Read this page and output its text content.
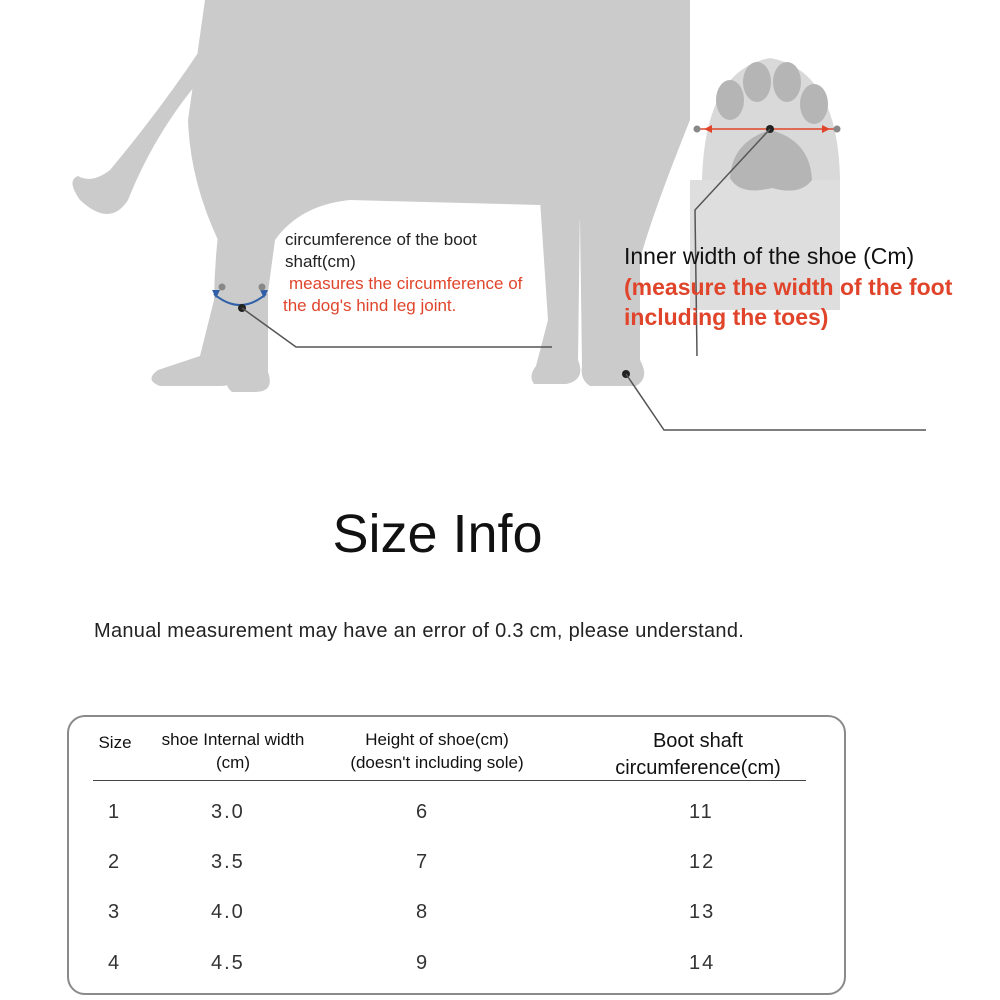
circumference of the boot
shaft(cm)
measures the circumference of
the dog's hind leg joint.
Inner width of the shoe (Cm)
(measure the width of the foot
including the toes)
Size Info
Manual measurement may have an error of 0.3 cm, please understand.
Size	shoe Internal width
(cm)
Height of shoe(cm)
(doesn't including sole)
Boot shaft
circumference(cm)
1	3.0	6	11
2	3.5	7	12
3	4.0	8	13
4	4.5	9	14
